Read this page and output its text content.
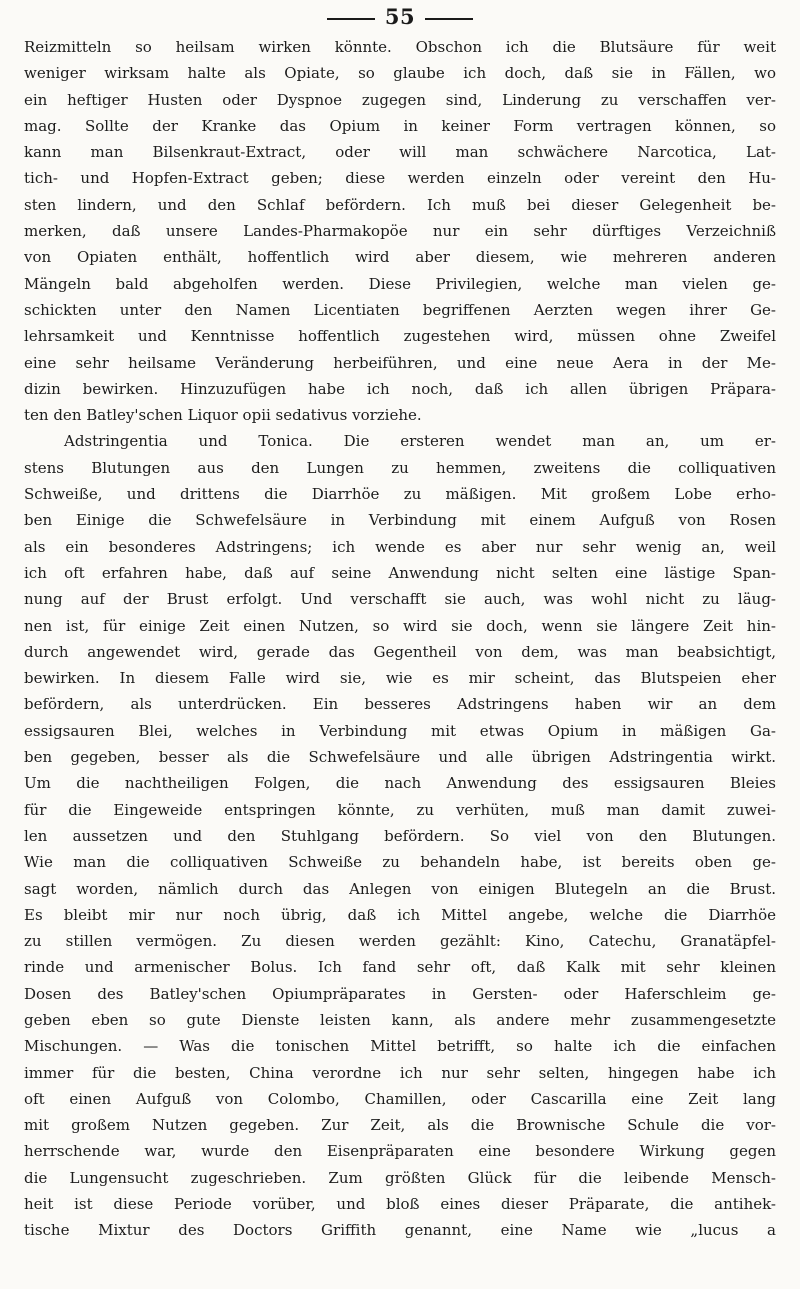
55
Reizmitteln so heilsam wirken könnte. Obschon ich die Blutsäure für weit
weniger wirksam halte als Opiate, so glaube ich doch, daß sie in Fällen, wo
ein heftiger Husten oder Dyspnoe zugegen sind, Linderung zu verschaffen ver-
mag. Sollte der Kranke das Opium in keiner Form vertragen können, so
kann man Bilsenkraut-Extract, oder will man schwächere Narcotica, Lat-
tich- und Hopfen-Extract geben; diese werden einzeln oder vereint den Hu-
sten lindern, und den Schlaf befördern. Ich muß bei dieser Gelegenheit be-
merken, daß unsere Landes-Pharmakopöe nur ein sehr dürftiges Verzeichniß
von Opiaten enthält, hoffentlich wird aber diesem, wie mehreren anderen
Mängeln bald abgeholfen werden. Diese Privilegien, welche man vielen ge-
schickten unter den Namen Licentiaten begriffenen Aerzten wegen ihrer Ge-
lehrsamkeit und Kenntnisse hoffentlich zugestehen wird, müssen ohne Zweifel
eine sehr heilsame Veränderung herbeiführen, und eine neue Aera in der Me-
dizin bewirken. Hinzuzufügen habe ich noch, daß ich allen übrigen Präpara-
ten den Batley'schen Liquor opii sedativus vorziehe.
Adstringentia und Tonica. Die ersteren wendet man an, um er-
stens Blutungen aus den Lungen zu hemmen, zweitens die colliquativen
Schweiße, und drittens die Diarrhöe zu mäßigen. Mit großem Lobe erho-
ben Einige die Schwefelsäure in Verbindung mit einem Aufguß von Rosen
als ein besonderes Adstringens; ich wende es aber nur sehr wenig an, weil
ich oft erfahren habe, daß auf seine Anwendung nicht selten eine lästige Span-
nung auf der Brust erfolgt. Und verschafft sie auch, was wohl nicht zu läug-
nen ist, für einige Zeit einen Nutzen, so wird sie doch, wenn sie längere Zeit hin-
durch angewendet wird, gerade das Gegentheil von dem, was man beabsichtigt,
bewirken. In diesem Falle wird sie, wie es mir scheint, das Blutspeien eher
befördern, als unterdrücken. Ein besseres Adstringens haben wir an dem
essigsauren Blei, welches in Verbindung mit etwas Opium in mäßigen Ga-
ben gegeben, besser als die Schwefelsäure und alle übrigen Adstringentia wirkt.
Um die nachtheiligen Folgen, die nach Anwendung des essigsauren Bleies
für die Eingeweide entspringen könnte, zu verhüten, muß man damit zuwei-
len aussetzen und den Stuhlgang befördern. So viel von den Blutungen.
Wie man die colliquativen Schweiße zu behandeln habe, ist bereits oben ge-
sagt worden, nämlich durch das Anlegen von einigen Blutegeln an die Brust.
Es bleibt mir nur noch übrig, daß ich Mittel angebe, welche die Diarrhöe
zu stillen vermögen. Zu diesen werden gezählt: Kino, Catechu, Granatäpfel-
rinde und armenischer Bolus. Ich fand sehr oft, daß Kalk mit sehr kleinen
Dosen des Batley'schen Opiumpräparates in Gersten- oder Haferschleim ge-
geben eben so gute Dienste leisten kann, als andere mehr zusammengesetzte
Mischungen. — Was die tonischen Mittel betrifft, so halte ich die einfachen
immer für die besten, China verordne ich nur sehr selten, hingegen habe ich
oft einen Aufguß von Colombo, Chamillen, oder Cascarilla eine Zeit lang
mit großem Nutzen gegeben. Zur Zeit, als die Brownische Schule die vor-
herrschende war, wurde den Eisenpräparaten eine besondere Wirkung gegen
die Lungensucht zugeschrieben. Zum größten Glück für die leibende Mensch-
heit ist diese Periode vorüber, und bloß eines dieser Präparate, die antihek-
tische Mixtur des Doctors Griffith genannt, eine Name wie „lucus a
